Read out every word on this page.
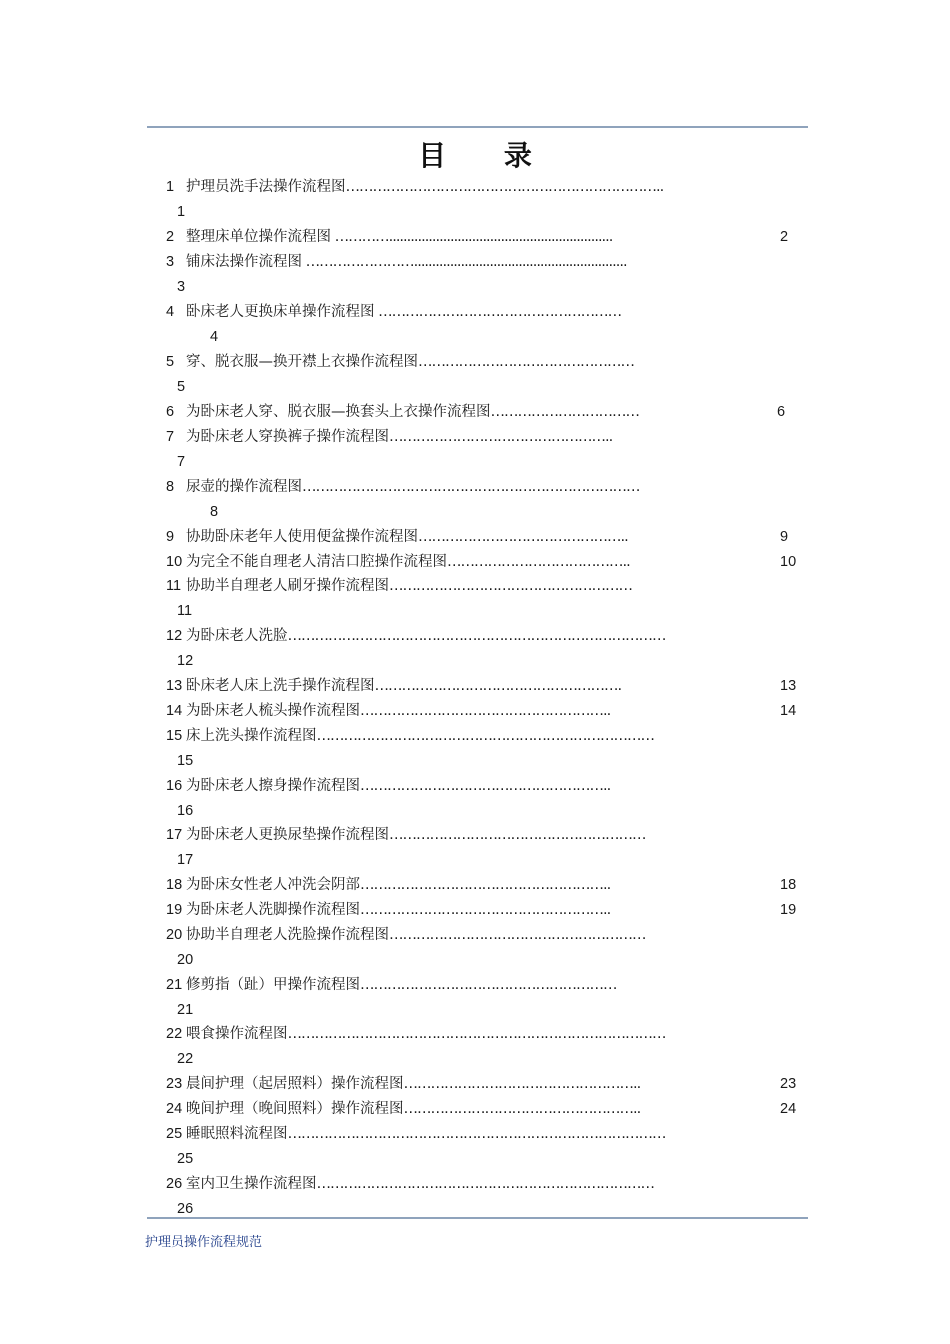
目 录
1 护理员洗手法操作流程图……………………………………………………………..
1
2 整理床单位操作流程图 …………..............................................................	2
3 铺床法操作流程图 ……………………...........................................................
3
4 卧床老人更换床单操作流程图 ………………………………………………
4
5 穿、脱衣服—换开襟上衣操作流程图…………………………………………
5
6 为卧床老人穿、脱衣服—换套头上衣操作流程图……………………………	6
7 为卧床老人穿换裤子操作流程图…………………………………………..
7
8 尿壶的操作流程图…………………………………………………………………
8
9 协助卧床老年人使用便盆操作流程图………………………………………..	9
10 为完全不能自理老人清洁口腔操作流程图…………………………………..	10
11 协助半自理老人刷牙操作流程图………………………………………………
11
12 为卧床老人洗脸…………………………………………………………………………
12
13 卧床老人床上洗手操作流程图……………………………………………….	13
14 为卧床老人梳头操作流程图………………………………………………..	14
15 床上洗头操作流程图…………………………………………………………………
15
16 为卧床老人擦身操作流程图………………………………………………..
16
17 为卧床老人更换尿垫操作流程图…………………………………………………
17
18 为卧床女性老人冲洗会阴部………………………………………………..	18
19 为卧床老人洗脚操作流程图………………………………………………..	19
20 协助半自理老人洗脸操作流程图…………………………………………………
20
21 修剪指（趾）甲操作流程图…………………………………………………
21
22 喂食操作流程图…………………………………………………………………………
22
23 晨间护理（起居照料）操作流程图……………………………………………..	23
24 晚间护理（晚间照料）操作流程图……………………………………………..	24
25 睡眠照料流程图…………………………………………………………………………
25
26 室内卫生操作流程图…………………………………………………………………
26
护理员操作流程规范
